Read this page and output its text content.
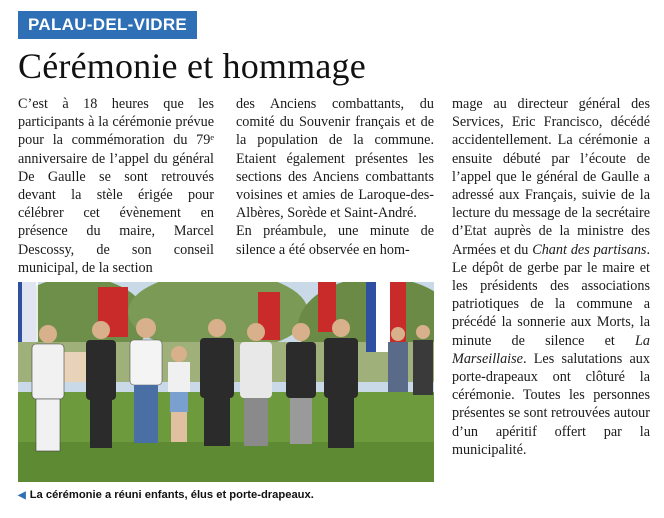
PALAU-DEL-VIDRE
Cérémonie et hommage

C’est à 18 heures que les participants à la cérémonie prévue pour la commémoration du 79ᵉ anniversaire de l’appel du général De Gaulle se sont retrouvés devant la stèle érigée pour célébrer cet évènement en présence du maire, Marcel Descossy, de son conseil municipal, de la section

des Anciens combattants, du comité du Souvenir français et de la population de la commune. Etaient également présentes les sections des Anciens combattants voisines et amies de Laroque-des-Albères, Sorède et Saint-André.

En préambule, une minute de silence a été observée en hom-

mage au directeur général des Services, Eric Francisco, décédé accidentellement. La cérémonie a ensuite débuté par l’écoute de l’appel que le général de Gaulle a adressé aux Français, suivie de la lecture du message de la secrétaire d’Etat auprès de la ministre des Armées et du Chant des partisans. Le dépôt de gerbe par le maire et les présidents des associations patriotiques de la commune a précédé la sonnerie aux Morts, la minute de silence et La Marseillaise. Les salutations aux porte-drapeaux ont clôturé la cérémonie. Toutes les personnes présentes se sont retrouvées autour d’un apéritif offert par la municipalité.

◀ La cérémonie a réuni enfants, élus et porte-drapeaux.
